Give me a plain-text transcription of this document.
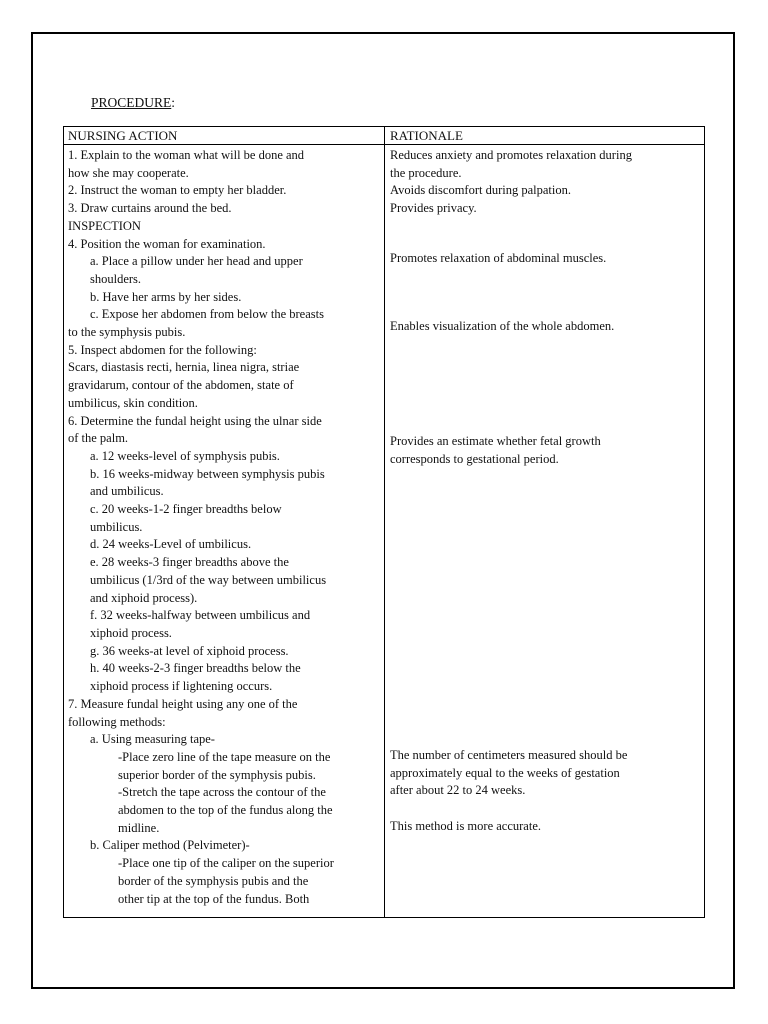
PROCEDURE:
NURSING ACTION	RATIONALE
1. Explain to the woman what will be done and
how she may cooperate.
2. Instruct the woman to empty her bladder.
3. Draw curtains around the bed.
INSPECTION
4. Position the woman for examination.
a. Place a pillow under her head and upper
shoulders.
b. Have her arms by her sides.
c. Expose her abdomen from below the breasts
to the symphysis pubis.
5. Inspect abdomen for the following:
Scars, diastasis recti, hernia, linea nigra, striae
gravidarum, contour of the abdomen, state of
umbilicus, skin condition.
6. Determine the fundal height using the ulnar side
of the palm.
a. 12 weeks-level of symphysis pubis.
b. 16 weeks-midway between symphysis pubis
and umbilicus.
c. 20 weeks-1-2 finger breadths below
umbilicus.
d. 24 weeks-Level of umbilicus.
e. 28 weeks-3 finger breadths above the
umbilicus (1/3rd of the way between umbilicus
and xiphoid process).
f. 32 weeks-halfway between umbilicus and
xiphoid process.
g. 36 weeks-at level of xiphoid process.
h. 40 weeks-2-3 finger breadths below the
xiphoid process if lightening occurs.
7. Measure fundal height using any one of the
following methods:
a. Using measuring tape-
-Place zero line of the tape measure on the
superior border of the symphysis pubis.
-Stretch the tape across the contour of the
abdomen to the top of the fundus along the
midline.
b. Caliper method (Pelvimeter)-
-Place one tip of the caliper on the superior
border of the symphysis pubis and the
other tip at the top of the fundus. Both
Reduces anxiety and promotes relaxation during
the procedure.
Avoids discomfort during palpation.
Provides privacy.
Promotes relaxation of abdominal muscles.
Enables visualization of the whole abdomen.
Provides an estimate whether fetal growth
corresponds to gestational period.
The number of centimeters measured should be
approximately equal to the weeks of gestation
after about 22 to 24 weeks.
This method is more accurate.
